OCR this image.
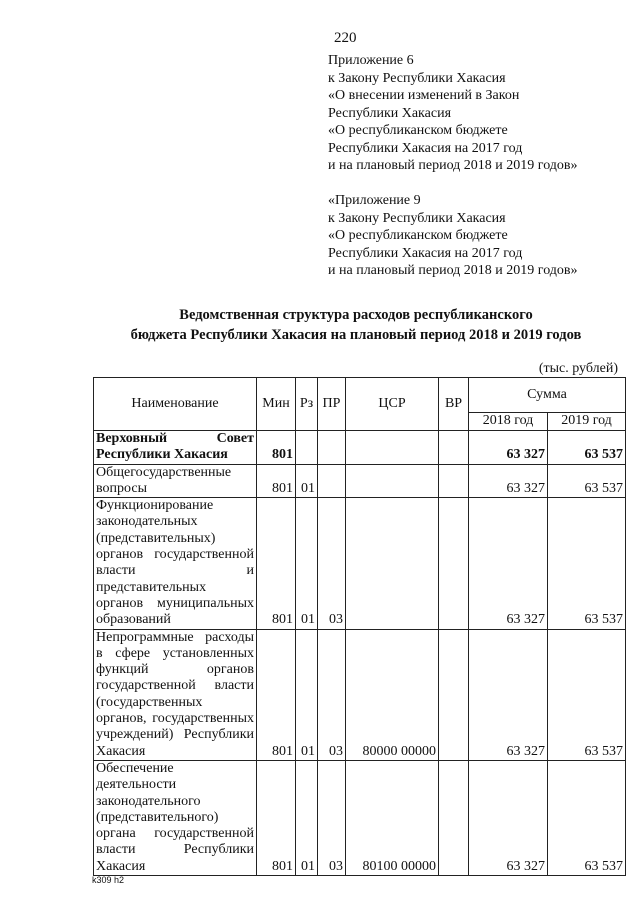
220
Приложение 6
к Закону Республики Хакасия
«О внесении изменений в Закон
Республики Хакасия
«О республиканском бюджете
Республики Хакасия на 2017 год
и на плановый период 2018 и 2019 годов»
«Приложение 9
к Закону Республики Хакасия
«О республиканском бюджете
Республики Хакасия на 2017 год
и на плановый период 2018 и 2019 годов»
Ведомственная структура расходов республиканского
бюджета Республики Хакасия на плановый период 2018 и 2019 годов
(тыс. рублей)
Наименование	Мин	Рз	ПР	ЦСР	ВР	Сумма	
						2018 год	2019 год
Верховный Совет Республики Хакасия	801					63 327	63 537
Общегосударственные вопросы	801	01				63 327	63 537
Функционирование законодательных (представительных) органов государственной власти и представительных органов муниципальных образований	801	01	03			63 327	63 537
Непрограммные расходы в сфере установленных функций органов государственной власти (государственных органов, государственных учреждений) Республики Хакасия	801	01	03	80000 00000		63 327	63 537
Обеспечение деятельности законодательного (представительного) органа государственной власти Республики Хакасия	801	01	03	80100 00000		63 327	63 537
k309 h2
